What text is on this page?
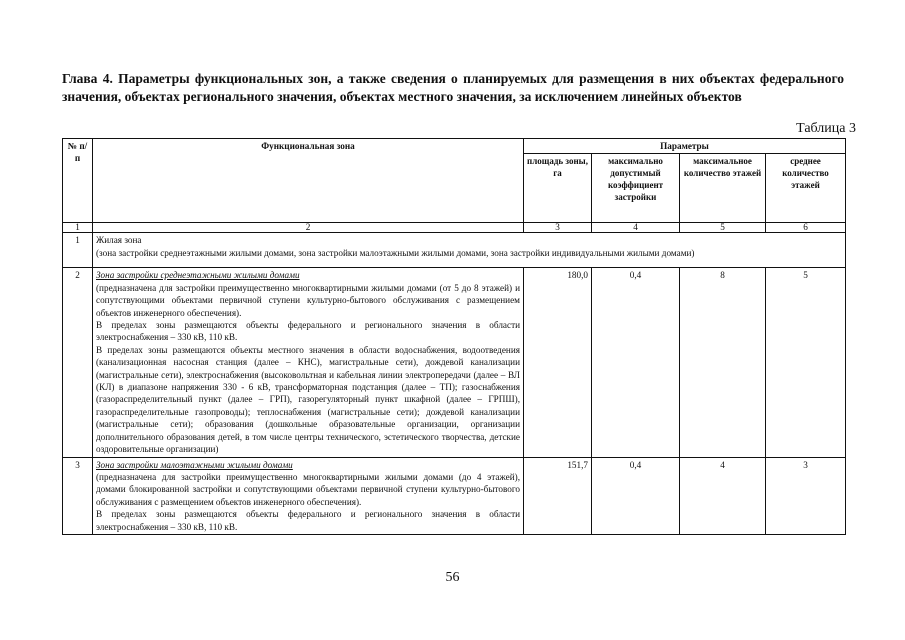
Глава 4. Параметры функциональных зон, а также сведения о планируемых для размещения в них объектах федерального значения, объектах регионального значения, объектах местного значения, за исключением линейных объектов
Таблица 3
№ п/п	Функциональная зона	Параметры			
		площадь зоны, га	максимально допустимый коэффициент застройки	максимальное количество этажей	среднее количество этажей
1	2	3	4	5	6
1	Жилая зона
(зона застройки среднеэтажными жилыми домами, зона застройки малоэтажными жилыми домами, зона застройки индивидуальными жилыми домами)				

2	Зона застройки среднеэтажными жилыми домами

(предназначена для застройки преимущественно многоквартирными жилыми домами (от 5 до 8 этажей) и сопутствующими объектами первичной ступени культурно-бытового обслуживания с размещением объектов инженерного обеспечения).

В пределах зоны размещаются объекты федерального и регионального значения в области электроснабжения – 330 кВ, 110 кВ.

В пределах зоны размещаются объекты местного значения в области водоснабжения, водоотведения (канализационная насосная станция (далее – КНС), магистральные сети), дождевой канализации (магистральные сети), электроснабжения (высоковольтная и кабельная линии электропередачи (далее – ВЛ (КЛ) в диапазоне напряжения 330 - 6 кВ, трансформаторная подстанция (далее – ТП); газоснабжения (газораспределительный пункт (далее – ГРП), газорегуляторный пункт шкафной (далее – ГРПШ), газораспределительные газопроводы); теплоснабжения (магистральные сети); дождевой канализации (магистральные сети); образования (дошкольные образовательные организации, организации дополнительного образования детей, в том числе центры технического, эстетического творчества, детские оздоровительные организации)	180,0	0,4	8	5
3	Зона застройки малоэтажными жилыми домами

(предназначена для застройки преимущественно многоквартирными жилыми домами (до 4 этажей), домами блокированной застройки и сопутствующими объектами первичной ступени культурно-бытового обслуживания с размещением объектов инженерного обеспечения).

В пределах зоны размещаются объекты федерального и регионального значения в области электроснабжения – 330 кВ, 110 кВ.	151,7	0,4	4	3
56
